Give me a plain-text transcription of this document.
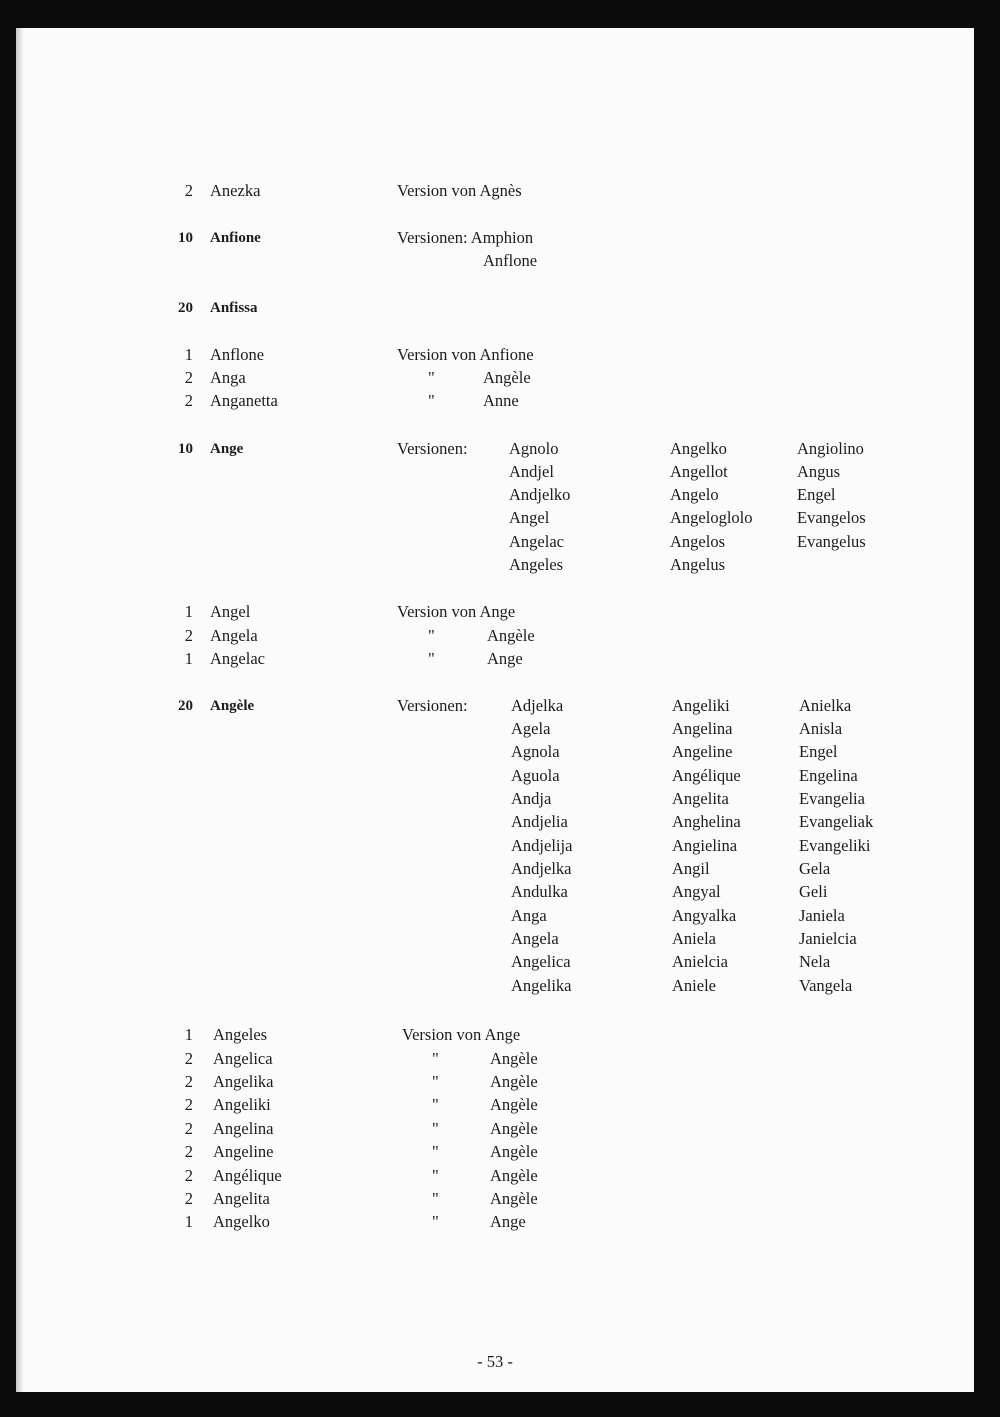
2 Anezka	Version von Agnès
10 Anfione	Versionen: Amphion
Anflone
20 Anfissa
1 Anflone	Version von Anfione
2 Anga	"	Angèle
2 Anganetta	"	Anne
10 Ange	Versionen:	Agnolo	Angelko	Angiolino
Andjel	Angellot	Angus
Andjelko	Angelo	Engel
Angel	Angeloglolo	Evangelos
Angelac	Angelos	Evangelus
Angeles	Angelus
1 Angel	Version von Ange
2 Angela	"	Angèle
1 Angelac	"	Ange
20 Angèle	Versionen:	Adjelka	Angeliki	Anielka
Agela	Angelina	Anisla
Agnola	Angeline	Engel
Aguola	Angélique	Engelina
Andja	Angelita	Evangelia
Andjelia	Anghelina	Evangeliak
Andjelija	Angielina	Evangeliki
Andjelka	Angil	Gela
Andulka	Angyal	Geli
Anga	Angyalka	Janiela
Angela	Aniela	Janielcia
Angelica	Anielcia	Nela
Angelika	Aniele	Vangela
1 Angeles	Version von Ange
2 Angelica	"	Angèle
2 Angelika	"	Angèle
2 Angeliki	"	Angèle
2 Angelina	"	Angèle
2 Angeline	"	Angèle
2 Angélique	"	Angèle
2 Angelita	"	Angèle
1 Angelko	"	Ange
- 53 -
